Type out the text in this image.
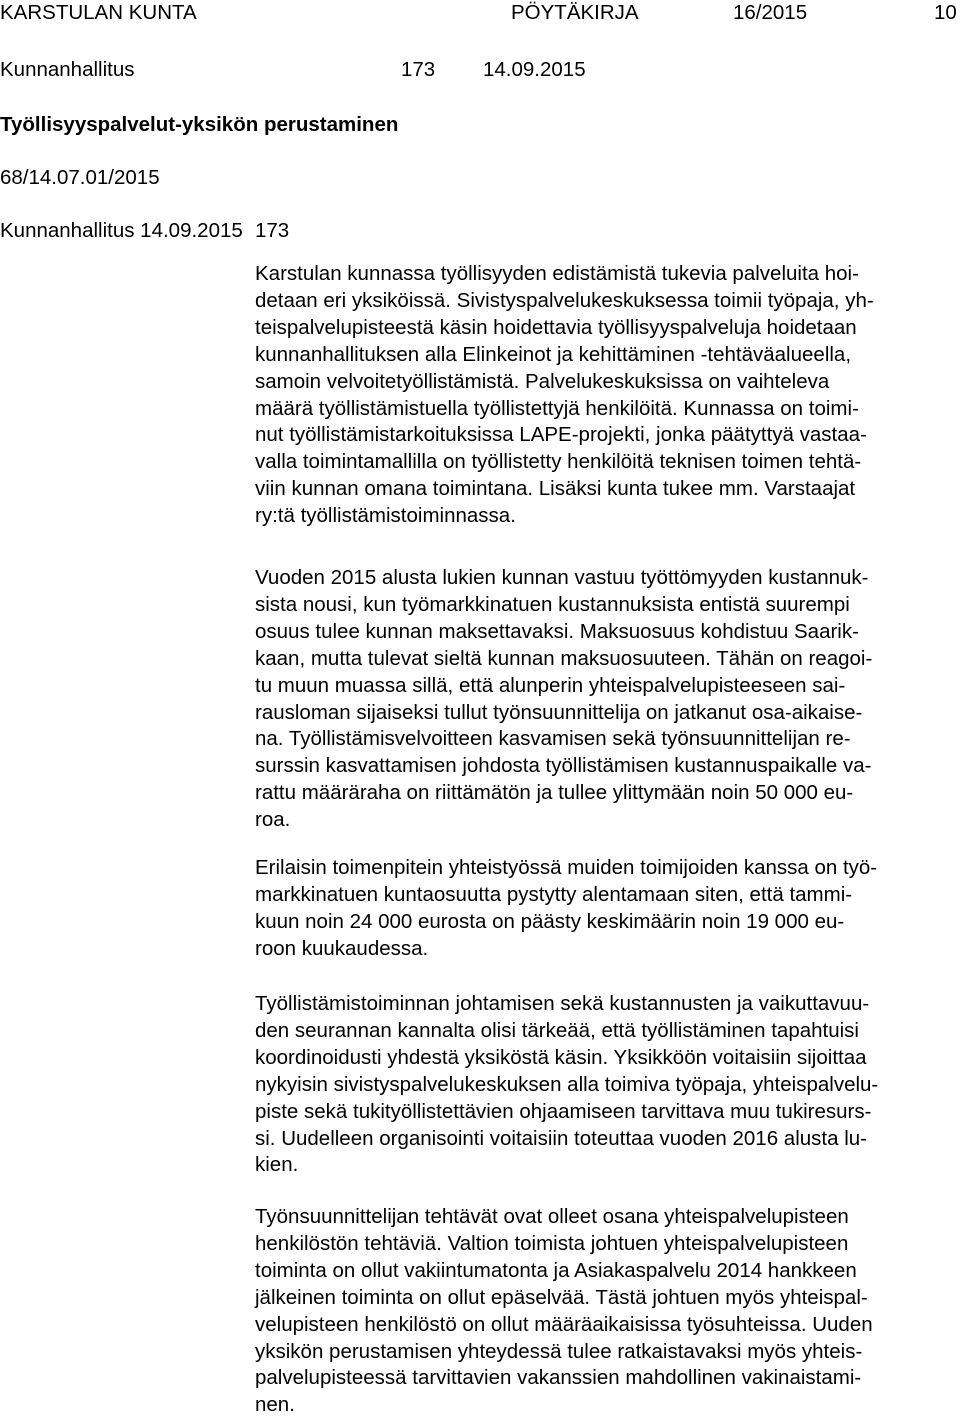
KARSTULAN KUNTA	PÖYTÄKIRJA	16/2015	10
Kunnanhallitus	173 14.09.2015
Työllisyyspalvelut-yksikön perustaminen
68/14.07.01/2015
Kunnanhallitus 14.09.2015 173
Karstulan kunnassa työllisyyden edistämistä tukevia palveluita hoi-
detaan eri yksiköissä. Sivistyspalvelukeskuksessa toimii työpaja, yh-
teispalvelupisteestä käsin hoidettavia työllisyyspalveluja hoidetaan
kunnanhallituksen alla Elinkeinot ja kehittäminen -tehtäväalueella,
samoin velvoitetyöllistämistä. Palvelukeskuksissa on vaihteleva
määrä työllistämistuella työllistettyjä henkilöitä. Kunnassa on toimi-
nut työllistämistarkoituksissa LAPE-projekti, jonka päätyttyä vastaa-
valla toimintamallilla on työllistetty henkilöitä teknisen toimen tehtä-
viin kunnan omana toimintana. Lisäksi kunta tukee mm. Varstaajat
ry:tä työllistämistoiminnassa.
Vuoden 2015 alusta lukien kunnan vastuu työttömyyden kustannuk-
sista nousi, kun työmarkkinatuen kustannuksista entistä suurempi
osuus tulee kunnan maksettavaksi. Maksuosuus kohdistuu Saarik-
kaan, mutta tulevat sieltä kunnan maksuosuuteen. Tähän on reagoi-
tu muun muassa sillä, että alunperin yhteispalvelupisteeseen sai-
rausloman sijaiseksi tullut työnsuunnittelija on jatkanut osa-aikaise-
na. Työllistämisvelvoitteen kasvamisen sekä työnsuunnittelijan re-
surssin kasvattamisen johdosta työllistämisen kustannuspaikalle va-
rattu määräraha on riittämätön ja tullee ylittymään noin 50 000 eu-
roa.
Erilaisin toimenpitein yhteistyössä muiden toimijoiden kanssa on työ-
markkinatuen kuntaosuutta pystytty alentamaan siten, että tammi-
kuun noin 24 000 eurosta on päästy keskimäärin noin 19 000 eu-
roon kuukaudessa.
Työllistämistoiminnan johtamisen sekä kustannusten ja vaikuttavuu-
den seurannan kannalta olisi tärkeää, että työllistäminen tapahtuisi
koordinoidusti yhdestä yksiköstä käsin. Yksikköön voitaisiin sijoittaa
nykyisin sivistyspalvelukeskuksen alla toimiva työpaja, yhteispalvelu-
piste sekä tukityöllistettävien ohjaamiseen tarvittava muu tukiresurs-
si. Uudelleen organisointi voitaisiin toteuttaa vuoden 2016 alusta lu-
kien.
Työnsuunnittelijan tehtävät ovat olleet osana yhteispalvelupisteen
henkilöstön tehtäviä. Valtion toimista johtuen yhteispalvelupisteen
toiminta on ollut vakiintumatonta ja Asiakaspalvelu 2014 hankkeen
jälkeinen toiminta on ollut epäselvää. Tästä johtuen myös yhteispal-
velupisteen henkilöstö on ollut määräaikaisissa työsuhteissa. Uuden
yksikön perustamisen yhteydessä tulee ratkaistavaksi myös yhteis-
palvelupisteessä tarvittavien vakanssien mahdollinen vakinaistami-
nen.
